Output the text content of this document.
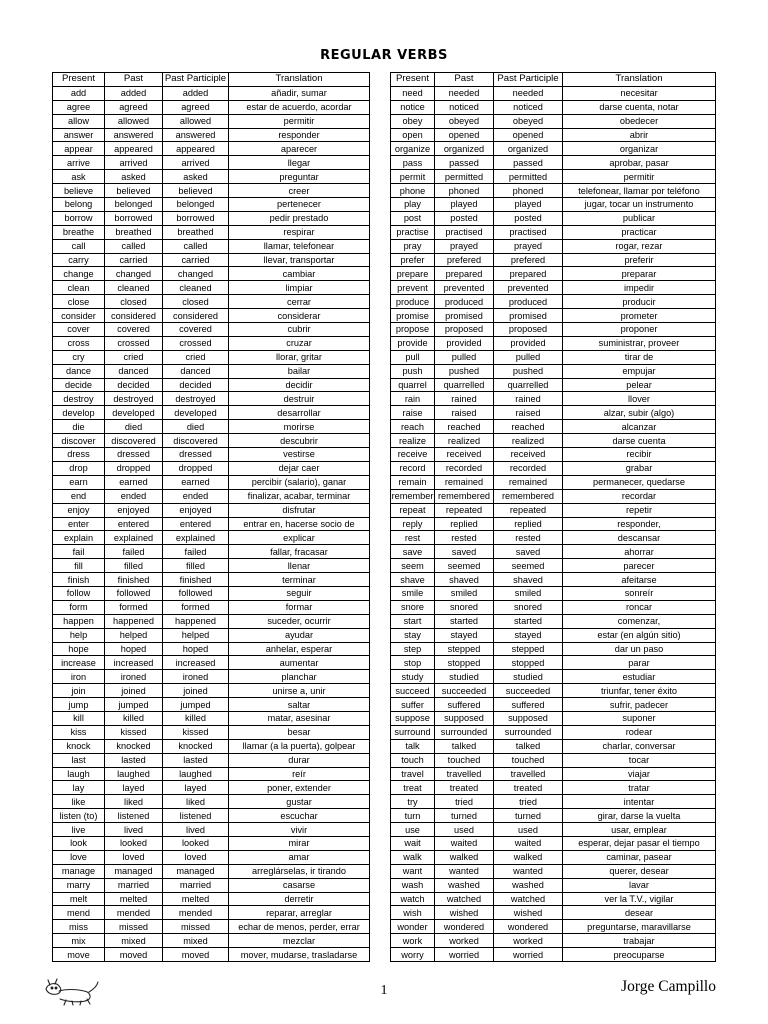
REGULAR VERBS
Present	Past	Past Participle	Translation
add	added	added	añadir, sumar
agree	agreed	agreed	estar de acuerdo, acordar
allow	allowed	allowed	permitir
answer	answered	answered	responder
appear	appeared	appeared	aparecer
arrive	arrived	arrived	llegar
ask	asked	asked	preguntar
believe	believed	believed	creer
belong	belonged	belonged	pertenecer
borrow	borrowed	borrowed	pedir prestado
breathe	breathed	breathed	respirar
call	called	called	llamar, telefonear
carry	carried	carried	llevar, transportar
change	changed	changed	cambiar
clean	cleaned	cleaned	limpiar
close	closed	closed	cerrar
consider	considered	considered	considerar
cover	covered	covered	cubrir
cross	crossed	crossed	cruzar
cry	cried	cried	llorar, gritar
dance	danced	danced	bailar
decide	decided	decided	decidir
destroy	destroyed	destroyed	destruir
develop	developed	developed	desarrollar
die	died	died	morirse
discover	discovered	discovered	descubrir
dress	dressed	dressed	vestirse
drop	dropped	dropped	dejar caer
earn	earned	earned	percibir (salario), ganar
end	ended	ended	finalizar, acabar, terminar
enjoy	enjoyed	enjoyed	disfrutar
enter	entered	entered	entrar en, hacerse socio de
explain	explained	explained	explicar
fail	failed	failed	fallar, fracasar
fill	filled	filled	llenar
finish	finished	finished	terminar
follow	followed	followed	seguir
form	formed	formed	formar
happen	happened	happened	suceder, ocurrir
help	helped	helped	ayudar
hope	hoped	hoped	anhelar, esperar
increase	increased	increased	aumentar
iron	ironed	ironed	planchar
join	joined	joined	unirse a, unir
jump	jumped	jumped	saltar
kill	killed	killed	matar, asesinar
kiss	kissed	kissed	besar
knock	knocked	knocked	llamar (a la puerta), golpear
last	lasted	lasted	durar
laugh	laughed	laughed	reír
lay	layed	layed	poner, extender
like	liked	liked	gustar
listen (to)	listened	listened	escuchar
live	lived	lived	vivir
look	looked	looked	mirar
love	loved	loved	amar
manage	managed	managed	arreglárselas, ir tirando
marry	married	married	casarse
melt	melted	melted	derretir
mend	mended	mended	reparar, arreglar
miss	missed	missed	echar de menos, perder, errar
mix	mixed	mixed	mezclar
move	moved	moved	mover, mudarse, trasladarse
Present	Past	Past Participle	Translation
need	needed	needed	necesitar
notice	noticed	noticed	darse cuenta, notar
obey	obeyed	obeyed	obedecer
open	opened	opened	abrir
organize	organized	organized	organizar
pass	passed	passed	aprobar, pasar
permit	permitted	permitted	permitir
phone	phoned	phoned	telefonear, llamar por teléfono
play	played	played	jugar, tocar un instrumento
post	posted	posted	publicar
practise	practised	practised	practicar
pray	prayed	prayed	rogar, rezar
prefer	prefered	prefered	preferir
prepare	prepared	prepared	preparar
prevent	prevented	prevented	impedir
produce	produced	produced	producir
promise	promised	promised	prometer
propose	proposed	proposed	proponer
provide	provided	provided	suministrar, proveer
pull	pulled	pulled	tirar de
push	pushed	pushed	empujar
quarrel	quarrelled	quarrelled	pelear
rain	rained	rained	llover
raise	raised	raised	alzar, subir (algo)
reach	reached	reached	alcanzar
realize	realized	realized	darse cuenta
receive	received	received	recibir
record	recorded	recorded	grabar
remain	remained	remained	permanecer, quedarse
remember	remembered	remembered	recordar
repeat	repeated	repeated	repetir
reply	replied	replied	responder,
rest	rested	rested	descansar
save	saved	saved	ahorrar
seem	seemed	seemed	parecer
shave	shaved	shaved	afeitarse
smile	smiled	smiled	sonreír
snore	snored	snored	roncar
start	started	started	comenzar,
stay	stayed	stayed	estar (en algún sitio)
step	stepped	stepped	dar un paso
stop	stopped	stopped	parar
study	studied	studied	estudiar
succeed	succeeded	succeeded	triunfar, tener éxito
suffer	suffered	suffered	sufrir, padecer
suppose	supposed	supposed	suponer
surround	surrounded	surrounded	rodear
talk	talked	talked	charlar, conversar
touch	touched	touched	tocar
travel	travelled	travelled	viajar
treat	treated	treated	tratar
try	tried	tried	intentar
turn	turned	turned	girar, darse la vuelta
use	used	used	usar, emplear
wait	waited	waited	esperar, dejar pasar el tiempo
walk	walked	walked	caminar, pasear
want	wanted	wanted	querer, desear
wash	washed	washed	lavar
watch	watched	watched	ver la T.V., vigilar
wish	wished	wished	desear
wonder	wondered	wondered	preguntarse, maravillarse
work	worked	worked	trabajar
worry	worried	worried	preocuparse
1	Jorge Campillo
